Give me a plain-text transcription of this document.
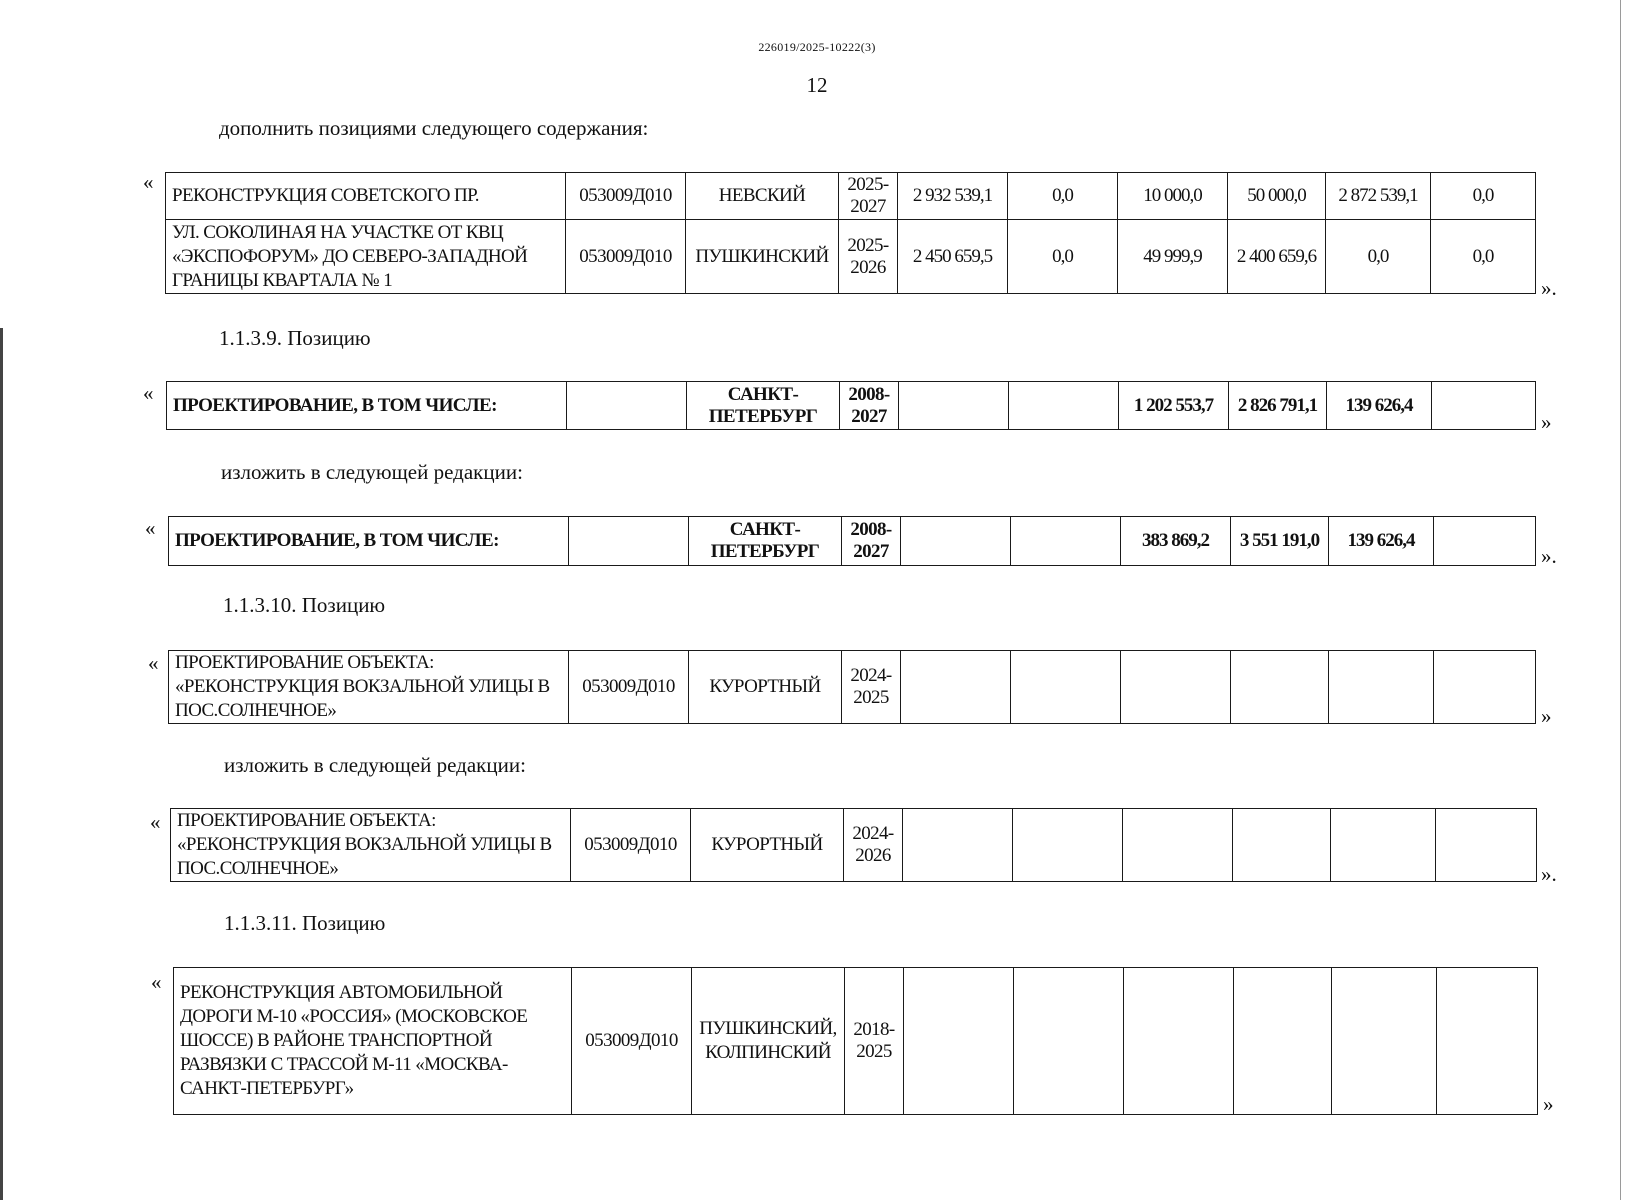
226019/2025-10222(3)
12
дополнить позициями следующего содержания:
«
РЕКОНСТРУКЦИЯ СОВЕТСКОГО ПР.	053009Д010	НЕВСКИЙ	2025-2027	2 932 539,1	0,0	10 000,0	50 000,0	2 872 539,1	0,0
УЛ. СОКОЛИНАЯ НА УЧАСТКЕ ОТ КВЦ «ЭКСПОФОРУМ» ДО СЕВЕРО-ЗАПАДНОЙ ГРАНИЦЫ КВАРТАЛА № 1	053009Д010	ПУШКИНСКИЙ	2025-2026	2 450 659,5	0,0	49 999,9	2 400 659,6	0,0	0,0
».
1.1.3.9. Позицию
« ПРОЕКТИРОВАНИЕ, В ТОМ ЧИСЛЕ:		САНКТ-ПЕТЕРБУРГ	2008-2027			1 202 553,7	2 826 791,1	139 626,4	
»
изложить в следующей редакции:
«
ПРОЕКТИРОВАНИЕ, В ТОМ ЧИСЛЕ:		САНКТ-ПЕТЕРБУРГ	2008-2027			383 869,2	3 551 191,0	139 626,4	
».
1.1.3.10. Позицию
« ПРОЕКТИРОВАНИЕ ОБЪЕКТА: «РЕКОНСТРУКЦИЯ ВОКЗАЛЬНОЙ УЛИЦЫ В ПОС.СОЛНЕЧНОЕ»	053009Д010	КУРОРТНЫЙ	2024-2025						
»
изложить в следующей редакции:
« ПРОЕКТИРОВАНИЕ ОБЪЕКТА: «РЕКОНСТРУКЦИЯ ВОКЗАЛЬНОЙ УЛИЦЫ В ПОС.СОЛНЕЧНОЕ»	053009Д010	КУРОРТНЫЙ	2024-2026						
».
1.1.3.11. Позицию
« РЕКОНСТРУКЦИЯ АВТОМОБИЛЬНОЙ ДОРОГИ М-10 «РОССИЯ» (МОСКОВСКОЕ ШОССЕ) В РАЙОНЕ ТРАНСПОРТНОЙ РАЗВЯЗКИ С ТРАССОЙ М-11 «МОСКВА-САНКТ-ПЕТЕРБУРГ»	053009Д010	ПУШКИНСКИЙ, КОЛПИНСКИЙ	2018-2025						
»
